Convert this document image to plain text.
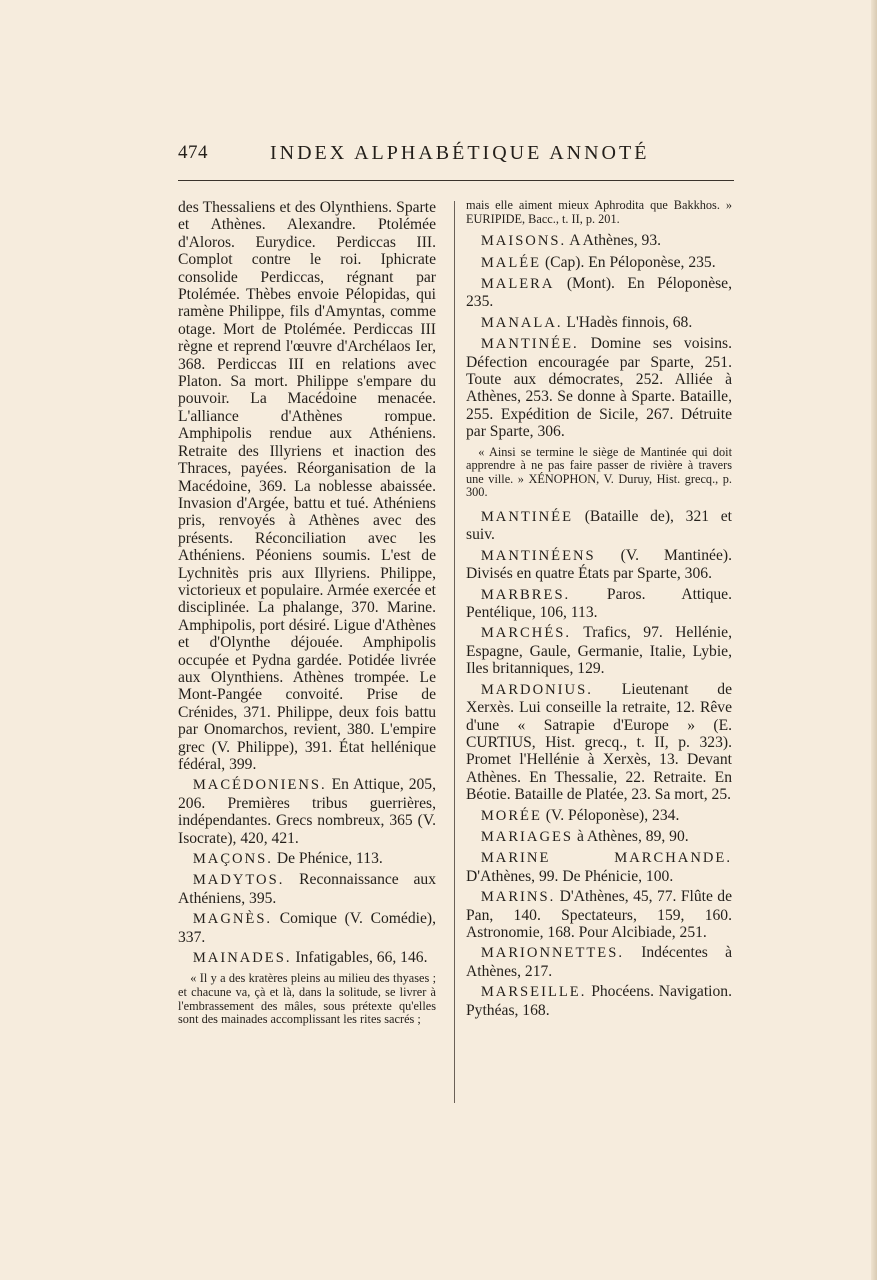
474	INDEX ALPHABÉTIQUE ANNOTÉ

des Thessaliens et des Olynthiens. Sparte et Athènes. Alexandre. Ptolémée d'Aloros. Eurydice. Perdiccas III. Complot contre le roi. Iphicrate consolide Perdiccas, régnant par Ptolémée. Thèbes envoie Pélopidas, qui ramène Philippe, fils d'Amyntas, comme otage. Mort de Ptolémée. Perdiccas III règne et reprend l'œuvre d'Archélaos Ier, 368. Perdiccas III en relations avec Platon. Sa mort. Philippe s'empare du pouvoir. La Macédoine menacée. L'alliance d'Athènes rompue. Amphipolis rendue aux Athéniens. Retraite des Illyriens et inaction des Thraces, payées. Réorganisation de la Macédoine, 369. La noblesse abaissée. Invasion d'Argée, battu et tué. Athéniens pris, renvoyés à Athènes avec des présents. Réconciliation avec les Athéniens. Péoniens soumis. L'est de Lychnitès pris aux Illyriens. Philippe, victorieux et populaire. Armée exercée et disciplinée. La phalange, 370. Marine. Amphipolis, port désiré. Ligue d'Athènes et d'Olynthe déjouée. Amphipolis occupée et Pydna gardée. Potidée livrée aux Olynthiens. Athènes trompée. Le Mont-Pangée convoité. Prise de Crénides, 371. Philippe, deux fois battu par Onomarchos, revient, 380. L'empire grec (V. Philippe), 391. État hellénique fédéral, 399.

MACÉDONIENS. En Attique, 205, 206. Premières tribus guerrières, indépendantes. Grecs nombreux, 365 (V. Isocrate), 420, 421.

MAÇONS. De Phénice, 113.

MADYTOS. Reconnaissance aux Athéniens, 395.

MAGNÈS. Comique (V. Comédie), 337.

MAINADES. Infatigables, 66, 146.

« Il y a des kratères pleins au milieu des thyases ; et chacune va, çà et là, dans la solitude, se livrer à l'embrassement des mâles, sous prétexte qu'elles sont des mainades accomplissant les rites sacrés ;

mais elle aiment mieux Aphrodita que Bakkhos. » EURIPIDE, Bacc., t. II, p. 201.

MAISONS. A Athènes, 93.

MALÉE (Cap). En Péloponèse, 235.

MALERA (Mont). En Péloponèse, 235.

MANALA. L'Hadès finnois, 68.

MANTINÉE. Domine ses voisins. Défection encouragée par Sparte, 251. Toute aux démocrates, 252. Alliée à Athènes, 253. Se donne à Sparte. Bataille, 255. Expédition de Sicile, 267. Détruite par Sparte, 306.

« Ainsi se termine le siège de Mantinée qui doit apprendre à ne pas faire passer de rivière à travers une ville. » XÉNOPHON, V. Duruy, Hist. grecq., p. 300.

MANTINÉE (Bataille de), 321 et suiv.

MANTINÉENS (V. Mantinée). Divisés en quatre États par Sparte, 306.

MARBRES. Paros. Attique. Pentélique, 106, 113.

MARCHÉS. Trafics, 97. Hellénie, Espagne, Gaule, Germanie, Italie, Lybie, Iles britanniques, 129.

MARDONIUS. Lieutenant de Xerxès. Lui conseille la retraite, 12. Rêve d'une « Satrapie d'Europe » (E. CURTIUS, Hist. grecq., t. II, p. 323). Promet l'Hellénie à Xerxès, 13. Devant Athènes. En Thessalie, 22. Retraite. En Béotie. Bataille de Platée, 23. Sa mort, 25.

MORÉE (V. Péloponèse), 234.

MARIAGES à Athènes, 89, 90.

MARINE MARCHANDE. D'Athènes, 99. De Phénicie, 100.

MARINS. D'Athènes, 45, 77. Flûte de Pan, 140. Spectateurs, 159, 160. Astronomie, 168. Pour Alcibiade, 251.

MARIONNETTES. Indécentes à Athènes, 217.

MARSEILLE. Phocéens. Navigation. Pythéas, 168.
